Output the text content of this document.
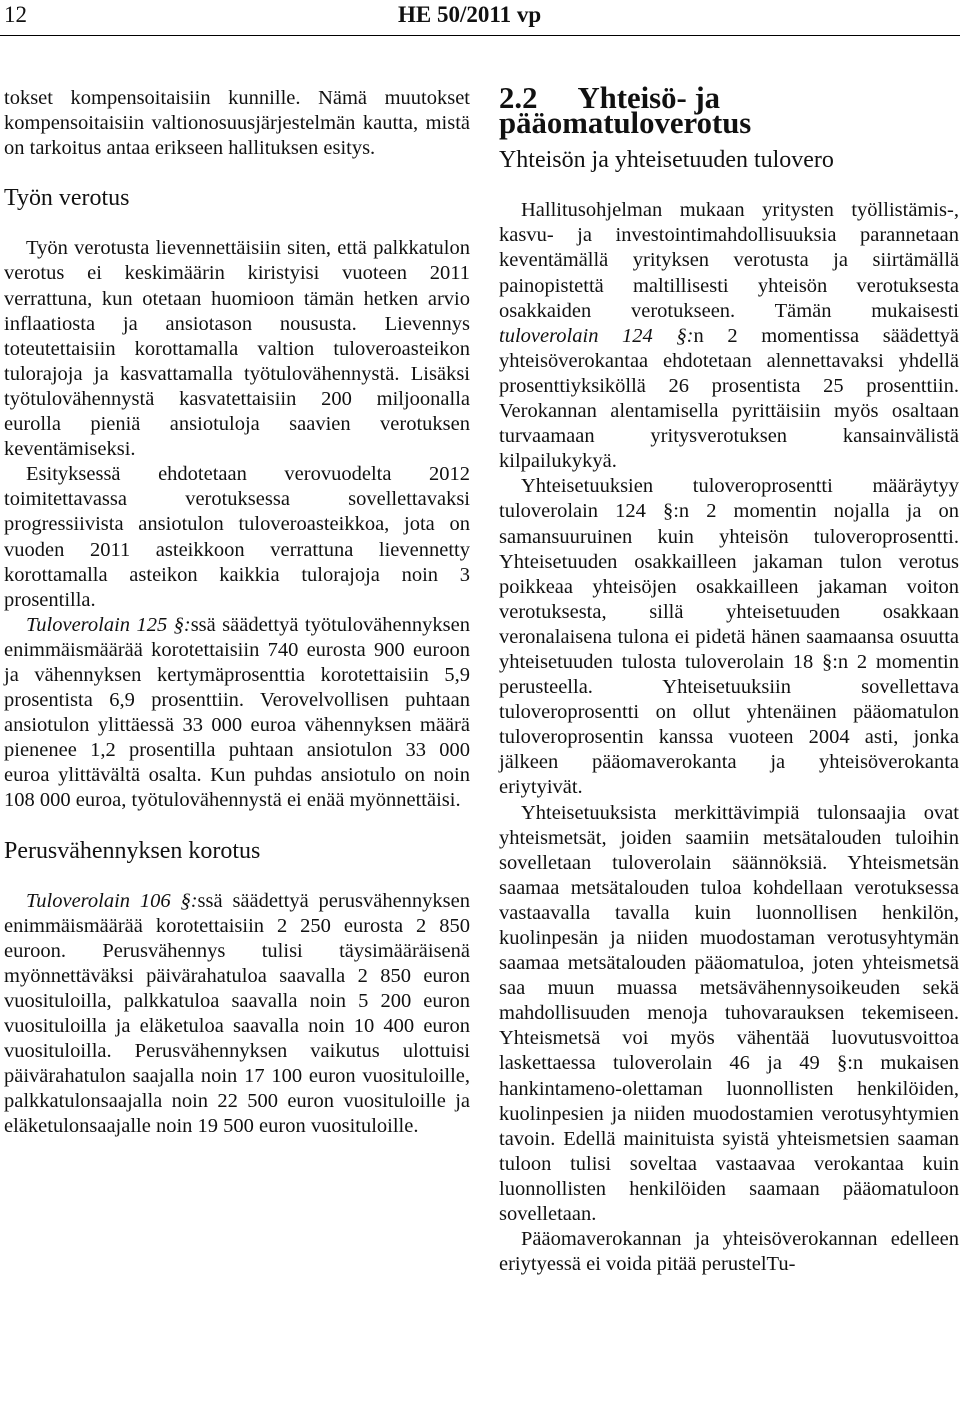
12	HE 50/2011 vp

tokset kompensoitaisiin kunnille. Nämä muutokset kompensoitaisiin valtionosuusjärjestelmän kautta, mistä on tarkoitus antaa erikseen hallituksen esitys.

Työn verotus

Työn verotusta lievennettäisiin siten, että palkkatulon verotus ei keskimäärin kiristyisi vuoteen 2011 verrattuna, kun otetaan huomioon tämän hetken arvio inflaatiosta ja ansiotason noususta. Lievennys toteutettaisiin korottamalla valtion tuloveroasteikon tulorajoja ja kasvattamalla työtulovähennystä. Lisäksi työtulovähennystä kasvatettaisiin 200 miljoonalla eurolla pieniä ansiotuloja saavien verotuksen keventämiseksi.

Esityksessä ehdotetaan verovuodelta 2012 toimitettavassa verotuksessa sovellettavaksi progressiivista ansiotulon tuloveroasteikkoa, jota on vuoden 2011 asteikkoon verrattuna lievennetty korottamalla asteikon kaikkia tulorajoja noin 3 prosentilla.

Tuloverolain 125 §:ssä säädettyä työtulovähennyksen enimmäismäärää korotettaisiin 740 eurosta 900 euroon ja vähennyksen kertymäprosenttia korotettaisiin 5,9 prosentista 6,9 prosenttiin. Verovelvollisen puhtaan ansiotulon ylittäessä 33 000 euroa vähennyksen määrä pienenee 1,2 prosentilla puhtaan ansiotulon 33 000 euroa ylittävältä osalta. Kun puhdas ansiotulo on noin 108 000 euroa, työtulovähennystä ei enää myönnettäisi.

Perusvähennyksen korotus

Tuloverolain 106 §:ssä säädettyä perusvähennyksen enimmäismäärää korotettaisiin 2 250 eurosta 2 850 euroon. Perusvähennys tulisi täysimääräisenä myönnettäväksi päivärahatuloa saavalla 2 850 euron vuosituloilla, palkkatuloa saavalla noin 5 200 euron vuosituloilla ja eläketuloa saavalla noin 10 400 euron vuosituloilla. Perusvähennyksen vaikutus ulottuisi päivärahatulon saajalla noin 17 100 euron vuosituloille, palkkatulonsaajalla noin 22 500 euron vuosituloille ja eläketulonsaajalle noin 19 500 euron vuosituloille.

2.2 Yhteisö- ja pääomatuloverotus
Yhteisön ja yhteisetuuden tulovero

Hallitusohjelman mukaan yritysten työllistämis-, kasvu- ja investointimahdollisuuksia parannetaan keventämällä yrityksen verotusta ja siirtämällä painopistettä maltillisesti yhteisön verotuksesta osakkaiden verotukseen. Tämän mukaisesti tuloverolain 124 §:n 2 momentissa säädettyä yhteisöverokantaa ehdotetaan alennettavaksi yhdellä prosenttiyksiköllä 26 prosentista 25 prosenttiin. Verokannan alentamisella pyrittäisiin myös osaltaan turvaamaan yritysverotuksen kansainvälistä kilpailukykyä.

Yhteisetuuksien tuloveroprosentti määräytyy tuloverolain 124 §:n 2 momentin nojalla ja on samansuuruinen kuin yhteisön tuloveroprosentti. Yhteisetuuden osakkailleen jakaman tulon verotus poikkeaa yhteisöjen osakkailleen jakaman voiton verotuksesta, sillä yhteisetuuden osakkaan veronalaisena tulona ei pidetä hänen saamaansa osuutta yhteisetuuden tulosta tuloverolain 18 §:n 2 momentin perusteella. Yhteisetuuksiin sovellettava tuloveroprosentti on ollut yhtenäinen pääomatulon tuloveroprosentin kanssa vuoteen 2004 asti, jonka jälkeen pääomaverokanta ja yhteisöverokanta eriytyivät.

Yhteisetuuksista merkittävimpiä tulonsaajia ovat yhteismetsät, joiden saamiin metsätalouden tuloihin sovelletaan tuloverolain säännöksiä. Yhteismetsän saamaa metsätalouden tuloa kohdellaan verotuksessa vastaavalla tavalla kuin luonnollisen henkilön, kuolinpesän ja niiden muodostaman verotusyhtymän saamaa metsätalouden pääomatuloa, joten yhteismetsä saa muun muassa metsävähennysoikeuden sekä mahdollisuuden menoja tuhovarauksen tekemiseen. Yhteismetsä voi myös vähentää luovutusvoittoa laskettaessa tuloverolain 46 ja 49 §:n mukaisen hankintameno-olettaman luonnollisten henkilöiden, kuolinpesien ja niiden muodostamien verotusyhtymien tavoin. Edellä mainituista syistä yhteismetsien saaman tuloon tulisi soveltaa vastaavaa verokantaa kuin luonnollisten henkilöiden saamaan pääomatuloon sovelletaan.

Pääomaverokannan ja yhteisöverokannan edelleen eriytyessä ei voida pitää perustelTu-
